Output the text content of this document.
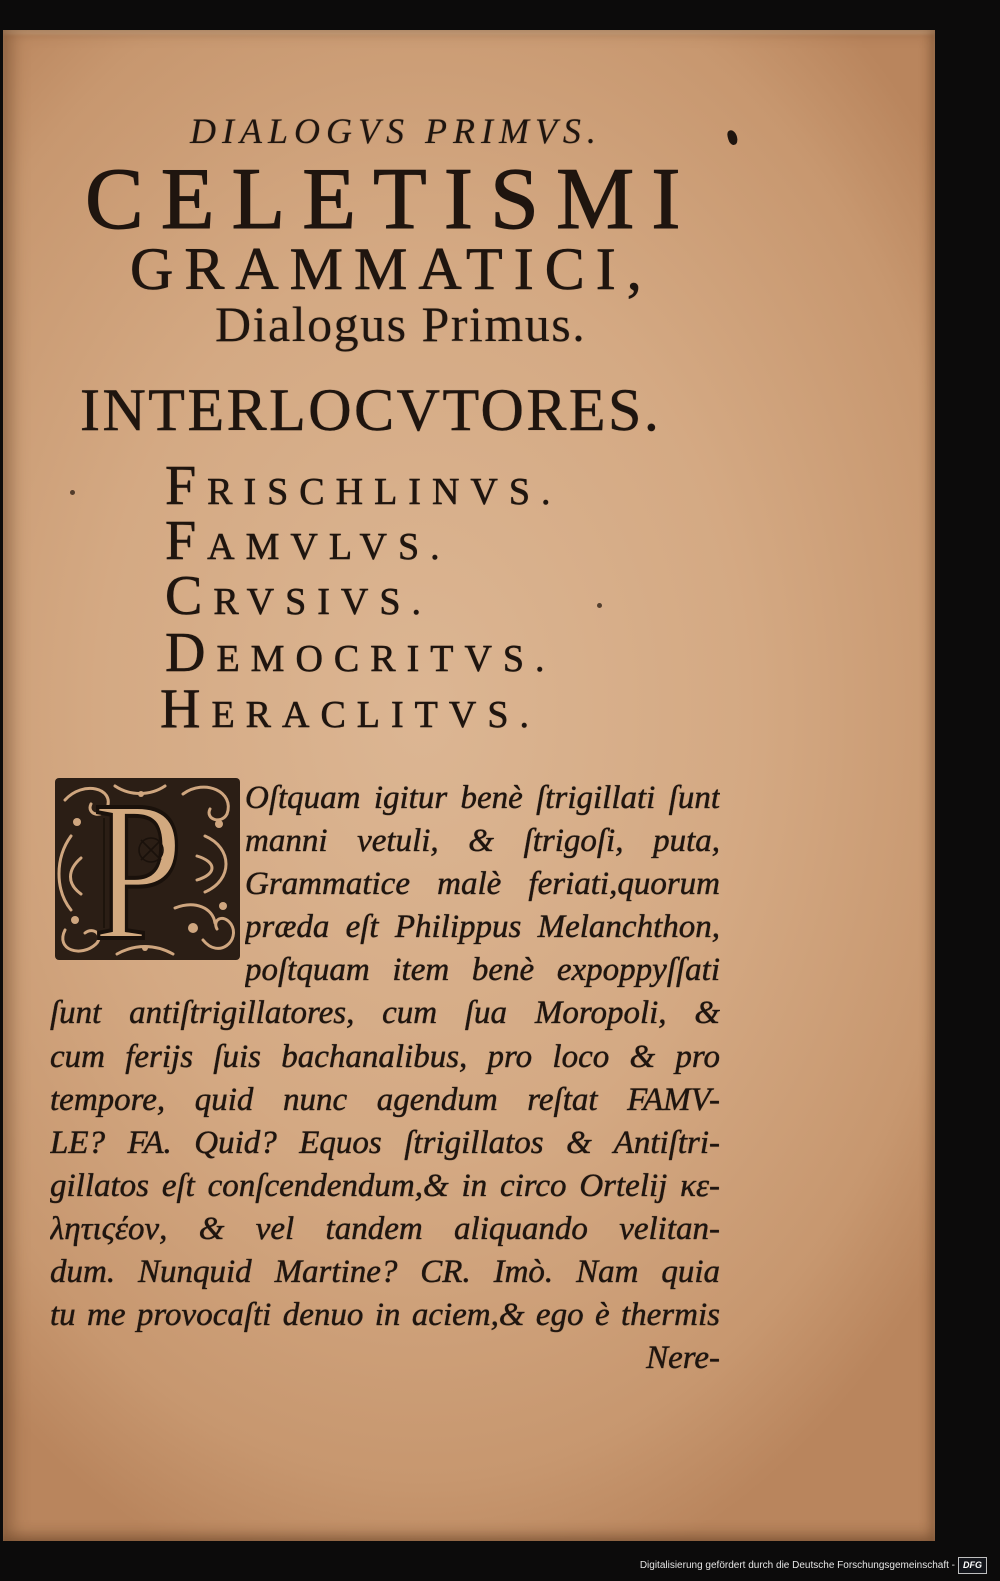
DIALOGVS PRIMVS.
CELETISMI
GRAMMATICI,
Dialogus Primus.
INTERLOCVTORES.
FRISCHLINVS.
FAMVLVS.
CRVSIVS.
DEMOCRITVS.
HERACLITVS.
P Oſtquam igitur benè ſtrigillati ſunt
manni vetuli, & ſtrigoſi, puta,
Grammatice malè feriati,quorum
præda eſt Philippus Melanchthon,
poſtquam item benè expoppyſſati
ſunt antiſtrigillatores, cum ſua Moropoli, &
cum ferijs ſuis bachanalibus, pro loco & pro
tempore, quid nunc agendum reſtat FAMV-
LE? FA. Quid? Equos ſtrigillatos & Antiſtri-
gillatos eſt conſcendendum,& in circo Ortelij κε-
λητιςέον, & vel tandem aliquando velitan-
dum. Nunquid Martine? CR. Imò. Nam quia
tu me provocaſti denuo in aciem,& ego è thermis
Nere-
Digitalisierung gefördert durch die Deutsche Forschungsgemeinschaft - DFG
